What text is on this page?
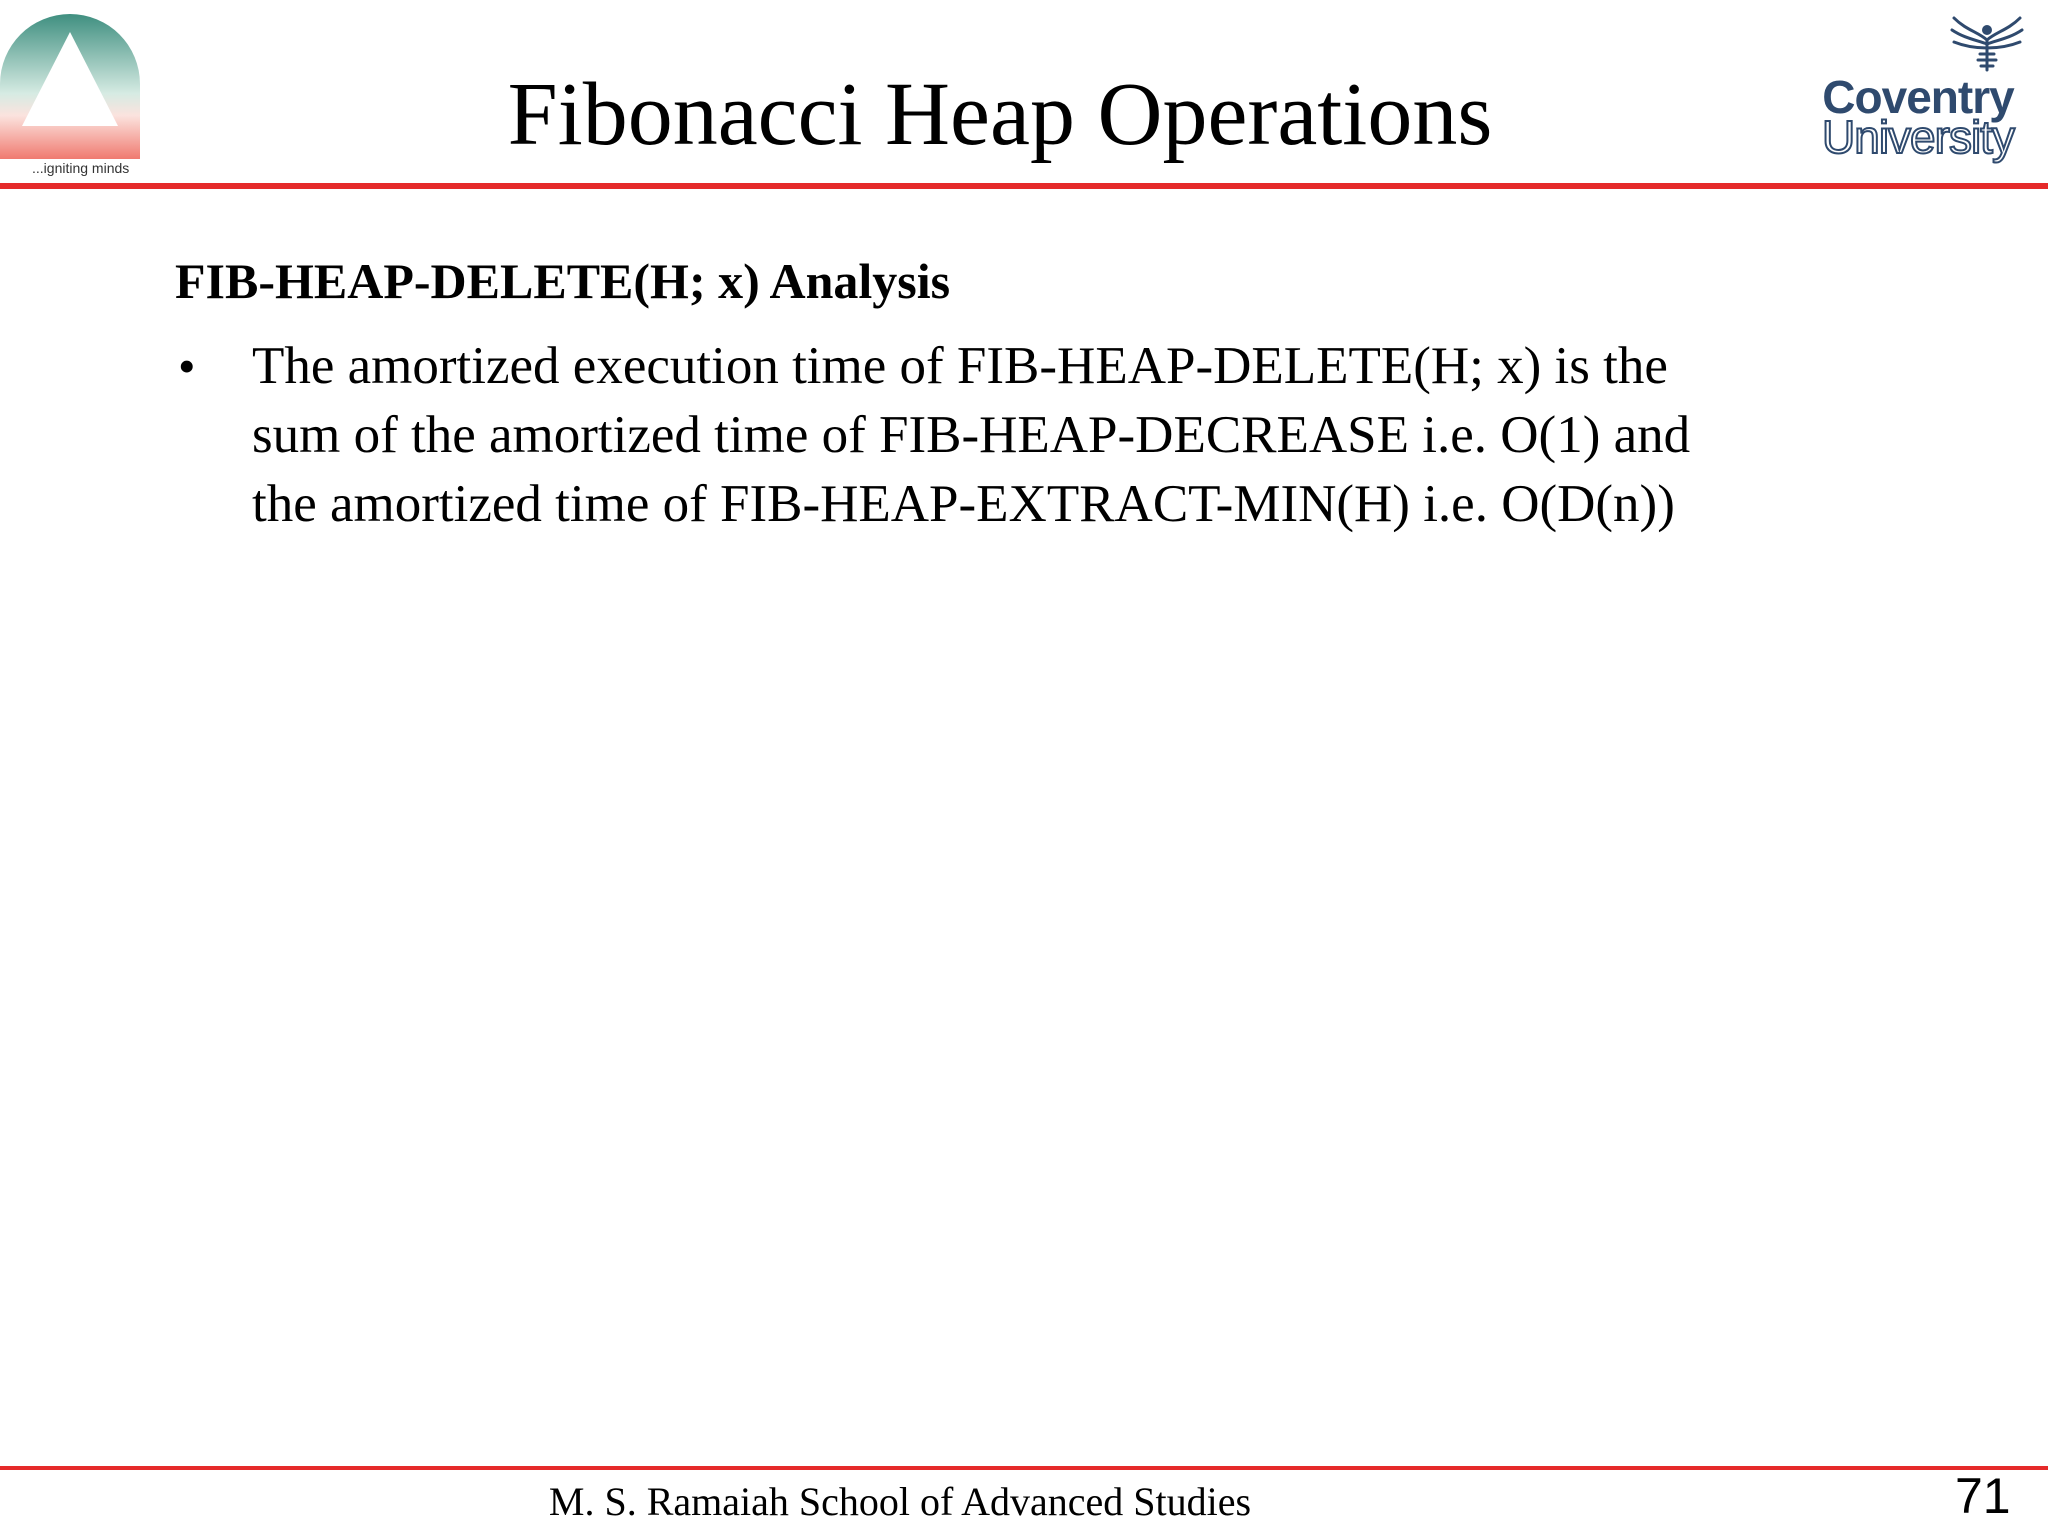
...igniting minds
Fibonacci Heap Operations	Coventry
University
FIB-HEAP-DELETE(H; x) Analysis
• The amortized execution time of FIB-HEAP-DELETE(H; x) is the
sum of the amortized time of FIB-HEAP-DECREASE i.e. O(1) and
the amortized time of FIB-HEAP-EXTRACT-MIN(H) i.e. O(D(n))
M. S. Ramaiah School of Advanced Studies	71
